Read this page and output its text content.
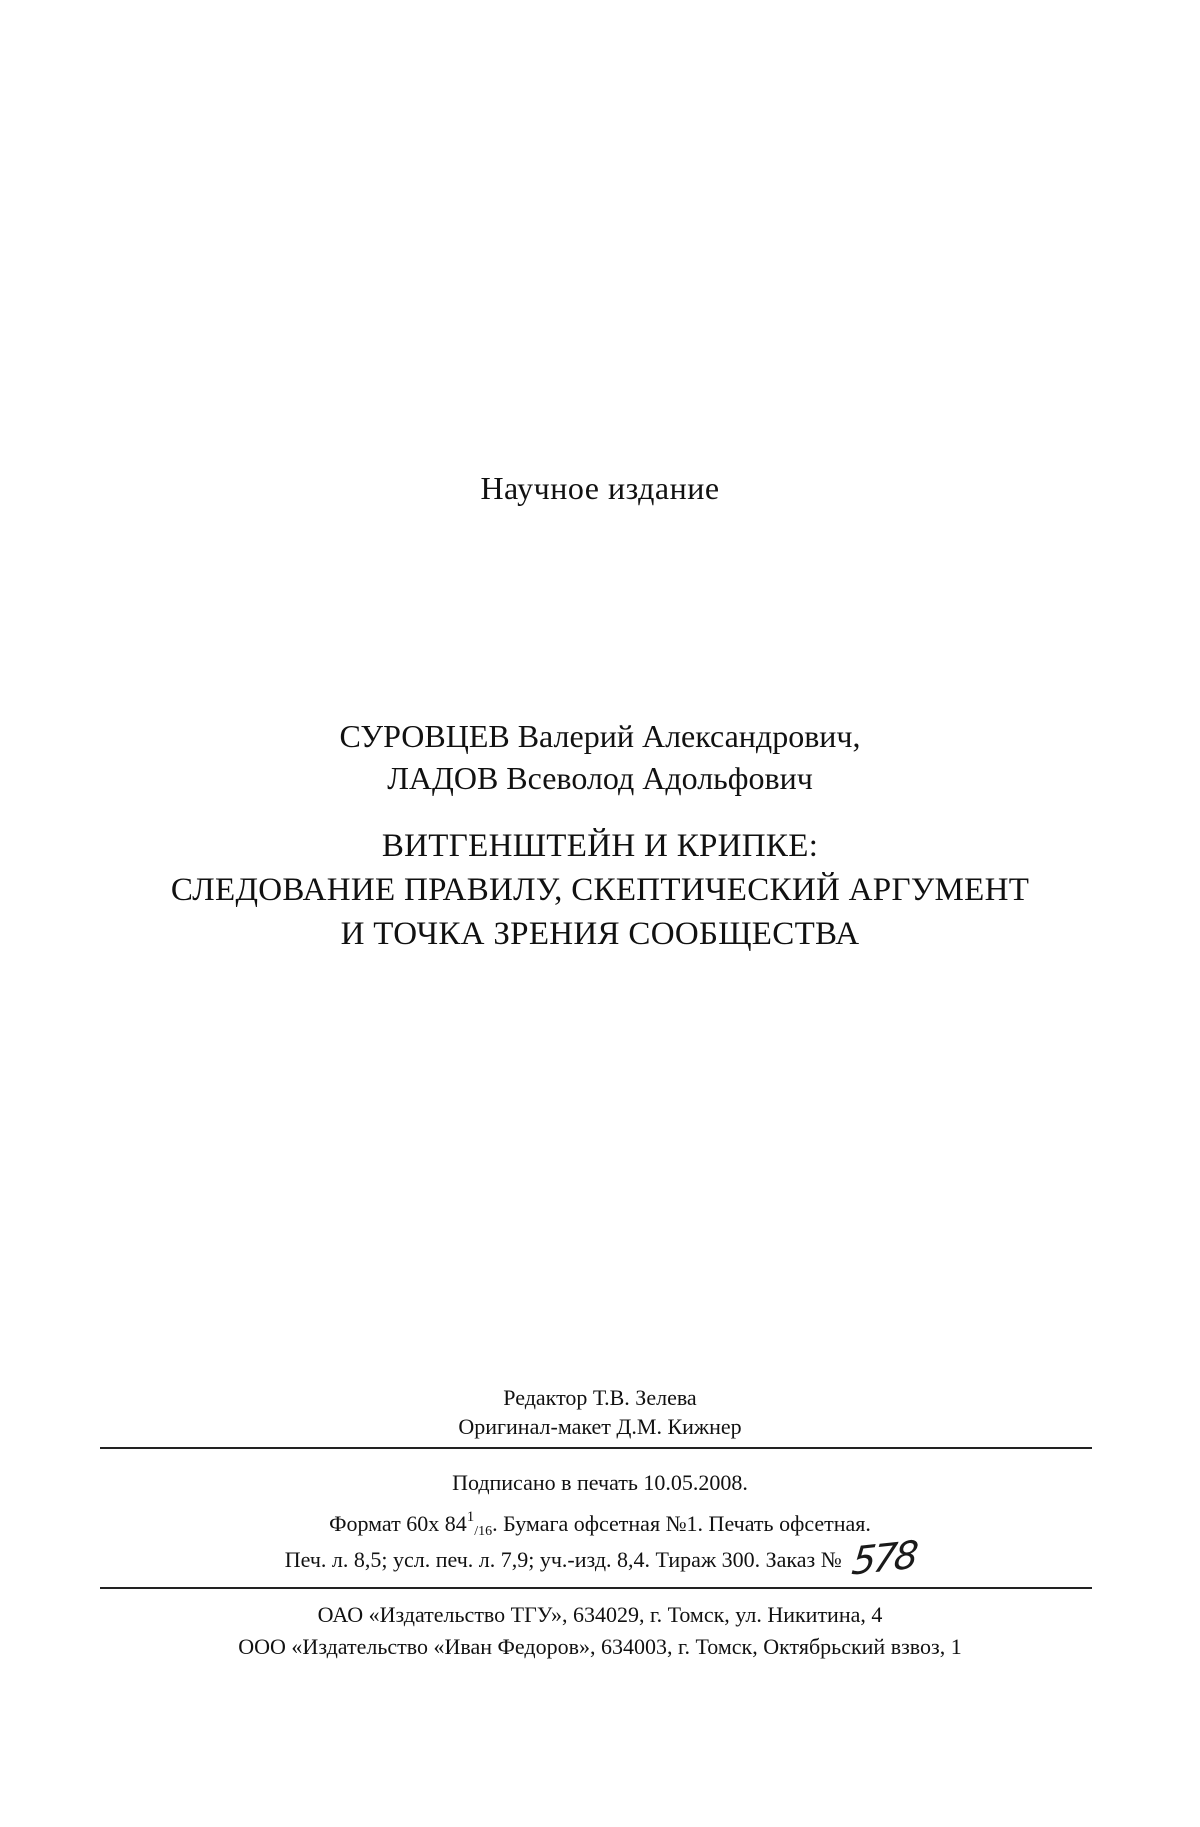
Научное издание
СУРОВЦЕВ Валерий Александрович,
ЛАДОВ Всеволод Адольфович
ВИТГЕНШТЕЙН И КРИПКЕ:
СЛЕДОВАНИЕ ПРАВИЛУ, СКЕПТИЧЕСКИЙ АРГУМЕНТ
И ТОЧКА ЗРЕНИЯ СООБЩЕСТВА
Редактор Т.В. Зелева
Оригинал-макет Д.М. Кижнер
Подписано в печать 10.05.2008.
Формат 60х $84^1/16$. Бумага офсетная №1. Печать офсетная.
Печ. л. 8,5; усл. печ. л. 7,9; уч.-изд. 8,4. Тираж 300. Заказ № 578
ОАО «Издательство ТГУ», 634029, г. Томск, ул. Никитина, 4
ООО «Издательство «Иван Федоров», 634003, г. Томск, Октябрьский взвоз, 1
